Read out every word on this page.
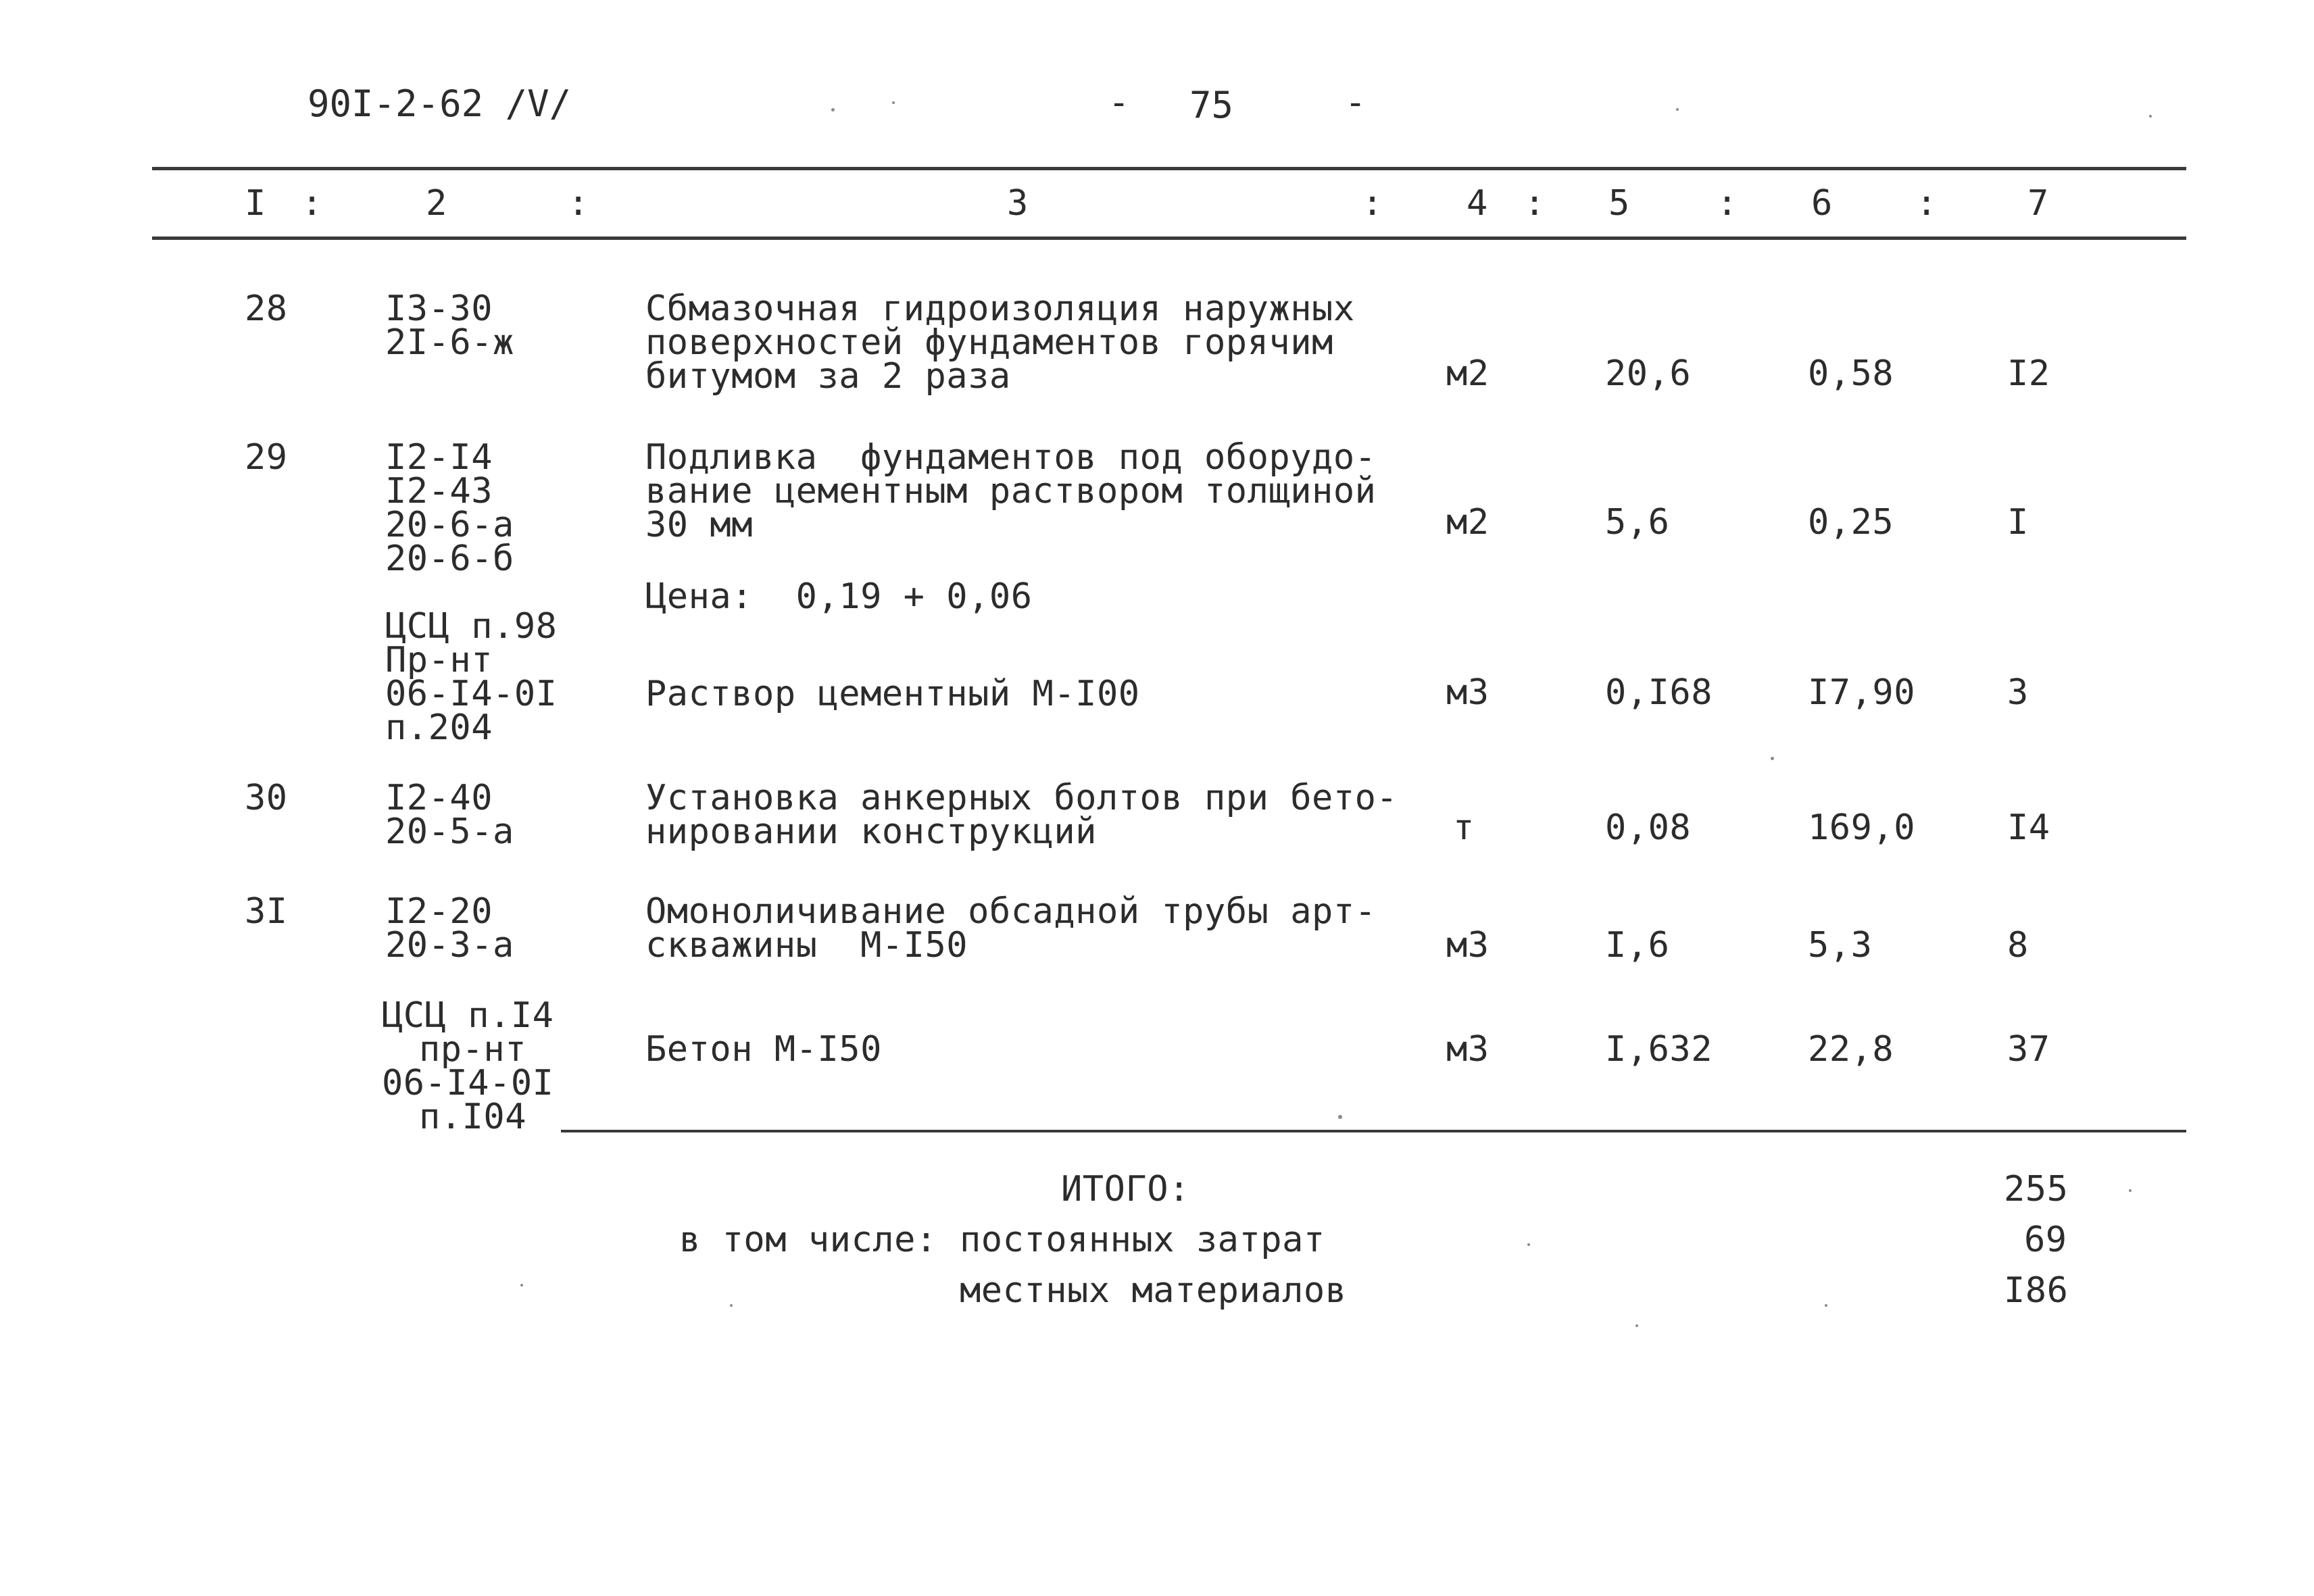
90I-2-62 /V/	- 75	-
I :	2	:	3	: 4 : 5 : 6 :	7
28	I3-30
2I-6-ж
Сбмазочная гидроизоляция наружных
поверхностей фундаментов горячим
битумом за 2 раза	м2	20,6	0,58	I2
29	I2-I4
I2-43
20-6-а
20-6-б
Подливка  фундаментов под оборудо-
вание цементным раствором толщиной
30 мм	м2	5,6	0,25	I
Цена:  0,19 + 0,06
ЦСЦ п.98
Пр-нт
06-I4-0I
п.204
Раствор цементный М-I00	м3	0,I68	I7,90	3
30	I2-40
20-5-а
Установка анкерных болтов при бето-
нировании конструкций	т	0,08	169,0	I4
3I	I2-20
20-3-а
Омоноличивание обсадной трубы арт-
скважины  М-I50	м3	I,6	5,3	8
ЦСЦ п.I4
пр-нт
06-I4-0I
п.I04
Бетон М-I50	м3	I,632	22,8	37
ИТОГО:	255
в том числе: постоянных затрат	69
местных материалов	I86
